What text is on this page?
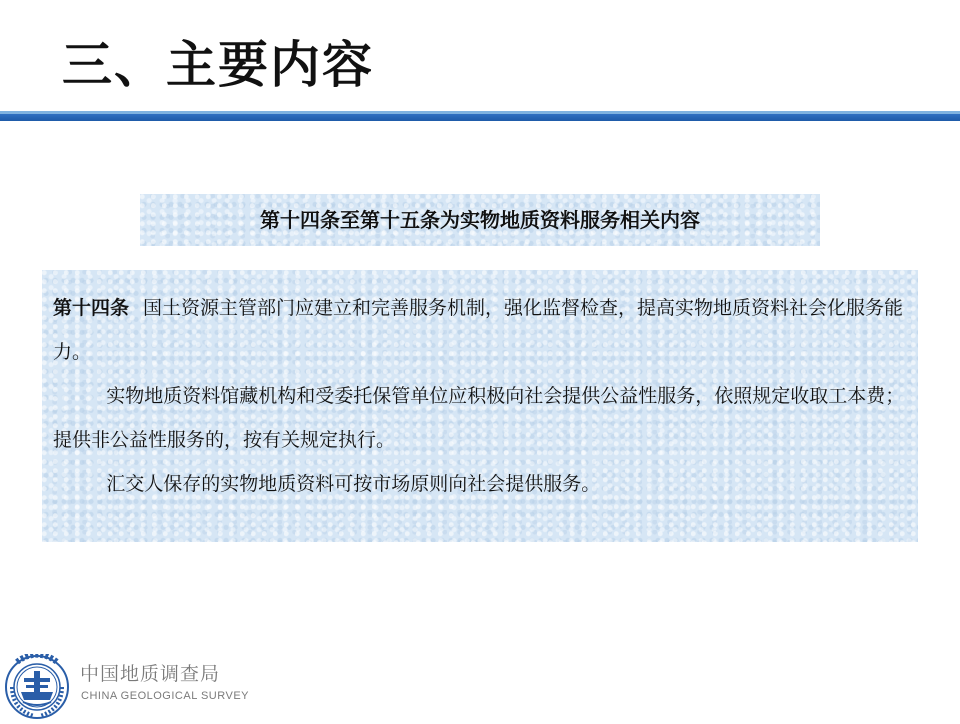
三、主要内容
第十四条至第十五条为实物地质资料服务相关内容

第十四条 国土资源主管部门应建立和完善服务机制，强化监督检查，提高实物地质资料社会化服务能力。

实物地质资料馆藏机构和受委托保管单位应积极向社会提供公益性服务，依照规定收取工本费；提供非公益性服务的，按有关规定执行。

汇交人保存的实物地质资料可按市场原则向社会提供服务。

中国地质调查局
CHINA GEOLOGICAL SURVEY
